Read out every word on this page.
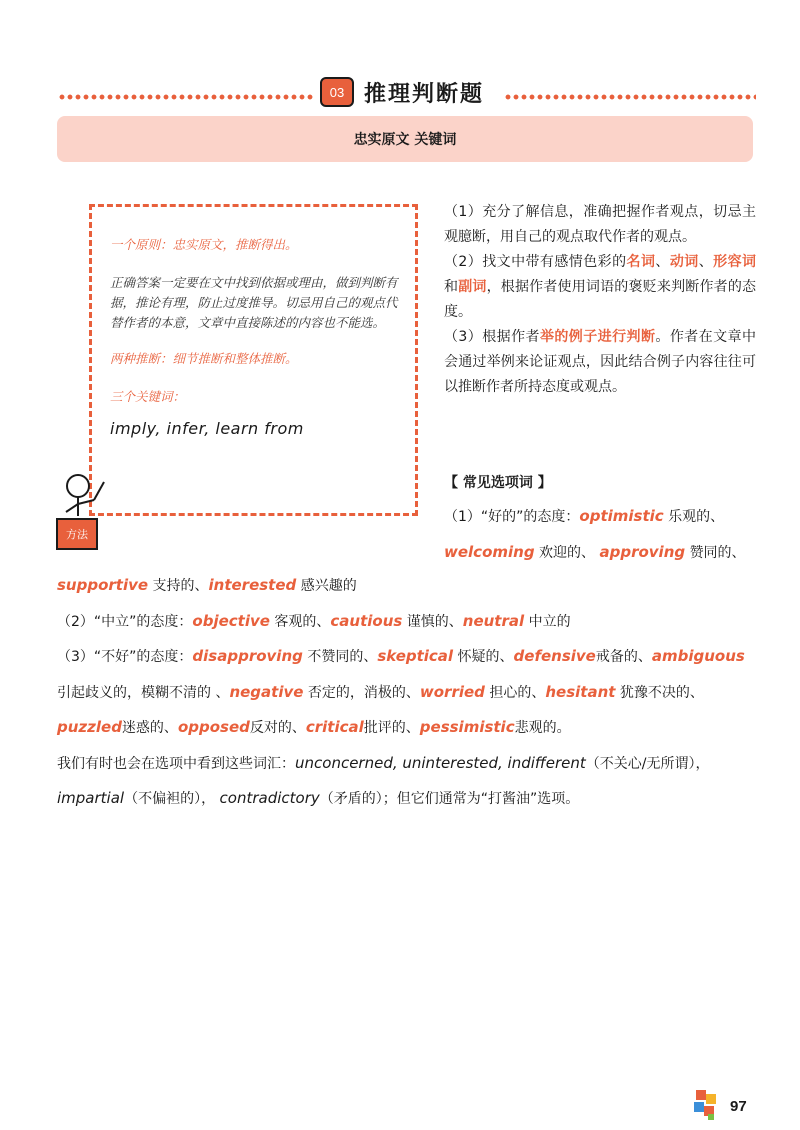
03 推理判断题
忠实原文 关键词
一个原则：忠实原文，推断得出。
正确答案一定要在文中找到依据或理由，做到判断有据，推论有理，防止过度推导。切忌用自己的观点代替作者的本意，文章中直接陈述的内容也不能选。
两种推断：细节推断和整体推断。
三个关键词：
imply, infer, learn from
方法

（1）充分了解信息，准确把握作者观点，切忌主观臆断，用自己的观点取代作者的观点。

（2）找文中带有感情色彩的名词、动词、形容词和副词，根据作者使用词语的褒贬来判断作者的态度。

（3）根据作者举的例子进行判断。作者在文章中会通过举例来论证观点，因此结合例子内容往往可以推断作者所持态度或观点。

【 常见选项词 】
（1）“好的”的态度：optimistic 乐观的、 welcoming 欢迎的、 approving 赞同的、
supportive 支持的、interested 感兴趣的
（2）“中立”的态度：objective 客观的、cautious 谨慎的、neutral 中立的
（3）“不好”的态度：disapproving 不赞同的、skeptical 怀疑的、defensive戒备的、ambiguous
引起歧义的，模糊不清的 、negative 否定的，消极的、worried 担心的、hesitant 犹豫不决的、
puzzled迷惑的、opposed反对的、critical批评的、pessimistic悲观的。
我们有时也会在选项中看到这些词汇：unconcerned, uninterested, indifferent（不关心/无所谓），impartial（不偏袒的）， contradictory（矛盾的）；但它们通常为“打酱油”选项。
97
